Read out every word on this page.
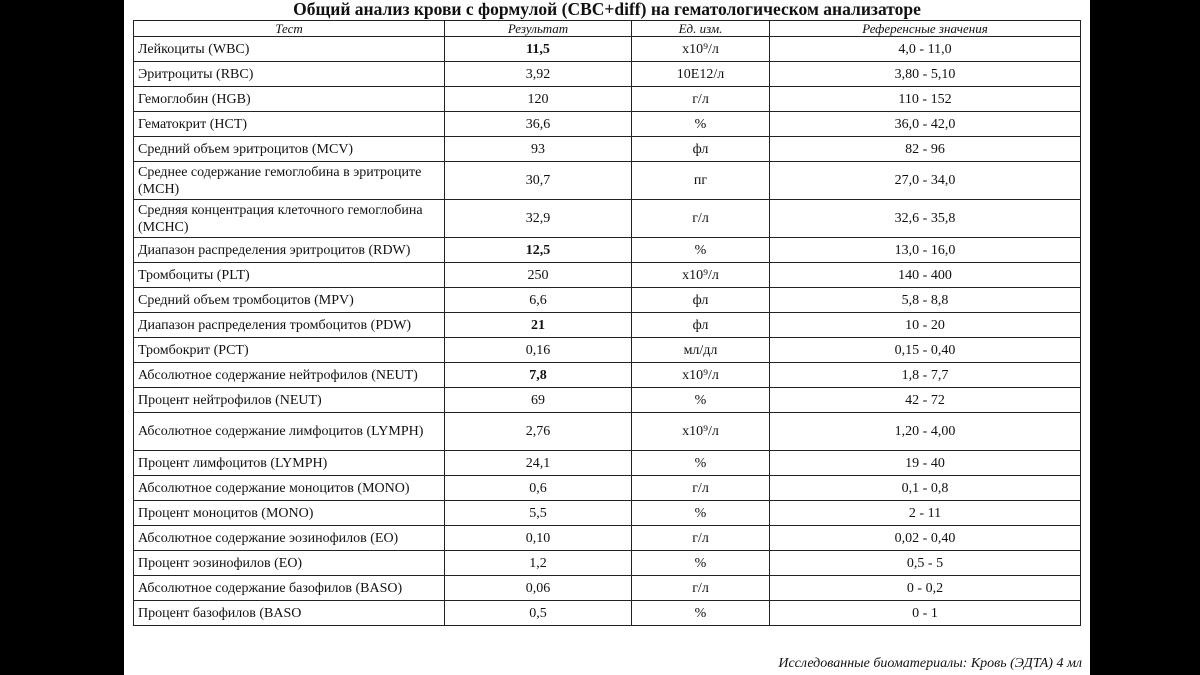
Общий анализ крови с формулой (CBC+diff) на гематологическом анализаторе
Тест	Результат	Ед. изм.	Референсные значения
Лейкоциты (WBC)	11,5	x10⁹/л	4,0 - 11,0
Эритроциты (RBC)	3,92	10E12/л	3,80 - 5,10
Гемоглобин (HGB)	120	г/л	110 - 152
Гематокрит (HCT)	36,6	%	36,0 - 42,0
Средний объем эритроцитов (MCV)	93	фл	82 - 96
Среднее содержание гемоглобина в эритроците (MCH)	30,7	пг	27,0 - 34,0
Средняя концентрация клеточного гемоглобина (MCHC)	32,9	г/л	32,6 - 35,8
Диапазон распределения эритроцитов (RDW)	12,5	%	13,0 - 16,0
Тромбоциты (PLT)	250	x10⁹/л	140 - 400
Средний объем тромбоцитов (MPV)	6,6	фл	5,8 - 8,8
Диапазон распределения тромбоцитов (PDW)	21	фл	10 - 20
Тромбокрит (PCT)	0,16	мл/дл	0,15 - 0,40
Абсолютное содержание нейтрофилов (NEUT)	7,8	x10⁹/л	1,8 - 7,7
Процент нейтрофилов (NEUT)	69	%	42 - 72
Абсолютное содержание лимфоцитов (LYMPH)	2,76	x10⁹/л	1,20 - 4,00
Процент лимфоцитов (LYMPH)	24,1	%	19 - 40
Абсолютное содержание моноцитов (MONO)	0,6	г/л	0,1 - 0,8
Процент моноцитов (MONO)	5,5	%	2 - 11
Абсолютное содержание эозинофилов (EO)	0,10	г/л	0,02 - 0,40
Процент эозинофилов (EO)	1,2	%	0,5 - 5
Абсолютное содержание базофилов (BASO)	0,06	г/л	0 - 0,2
Процент базофилов (BASO	0,5	%	0 - 1
Исследованные биоматериалы: Кровь (ЭДТА) 4 мл
